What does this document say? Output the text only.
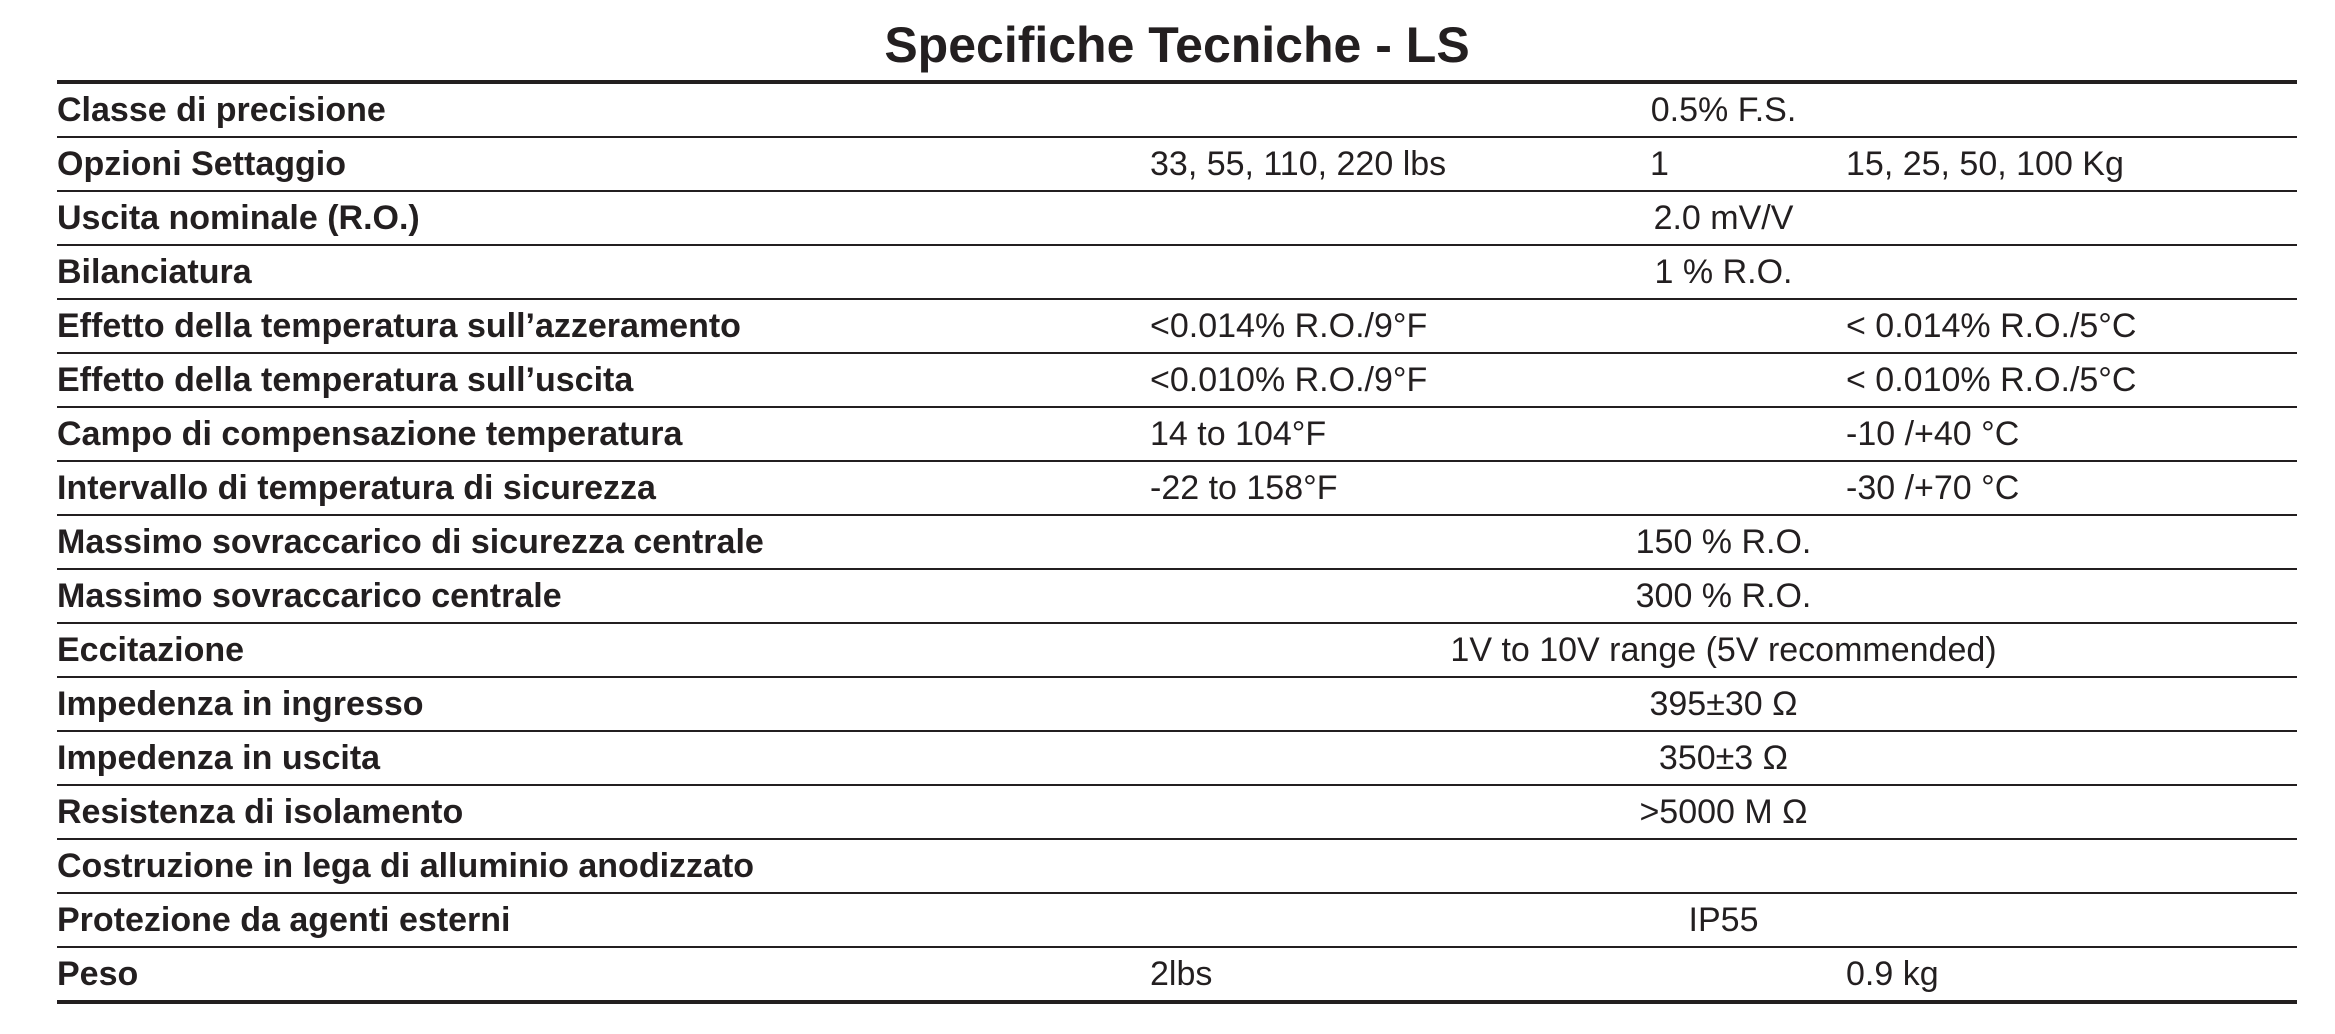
Specifiche Tecniche - LS
Classe di precisione	0.5% F.S.		
Opzioni Settaggio	33, 55, 110, 220 lbs	1	15, 25, 50, 100 Kg
Uscita nominale (R.O.)	2.0 mV/V		
Bilanciatura	1 % R.O.		
Effetto della temperatura sull’azzeramento	<0.014% R.O./9°F		< 0.014% R.O./5°C
Effetto della temperatura sull’uscita	<0.010% R.O./9°F		< 0.010% R.O./5°C
Campo di compensazione temperatura	14 to 104°F		-10 /+40 °C
Intervallo di temperatura di sicurezza	-22 to 158°F		-30 /+70 °C
Massimo sovraccarico di sicurezza centrale	150 % R.O.		
Massimo sovraccarico centrale	300 % R.O.		
Eccitazione	1V to 10V range (5V recommended)		
Impedenza in ingresso	395±30 Ω		
Impedenza in uscita	350±3 Ω		
Resistenza di isolamento	>5000 M Ω		
Costruzione in lega di alluminio anodizzato			
Protezione da agenti esterni	IP55		
Peso	2lbs		0.9 kg
